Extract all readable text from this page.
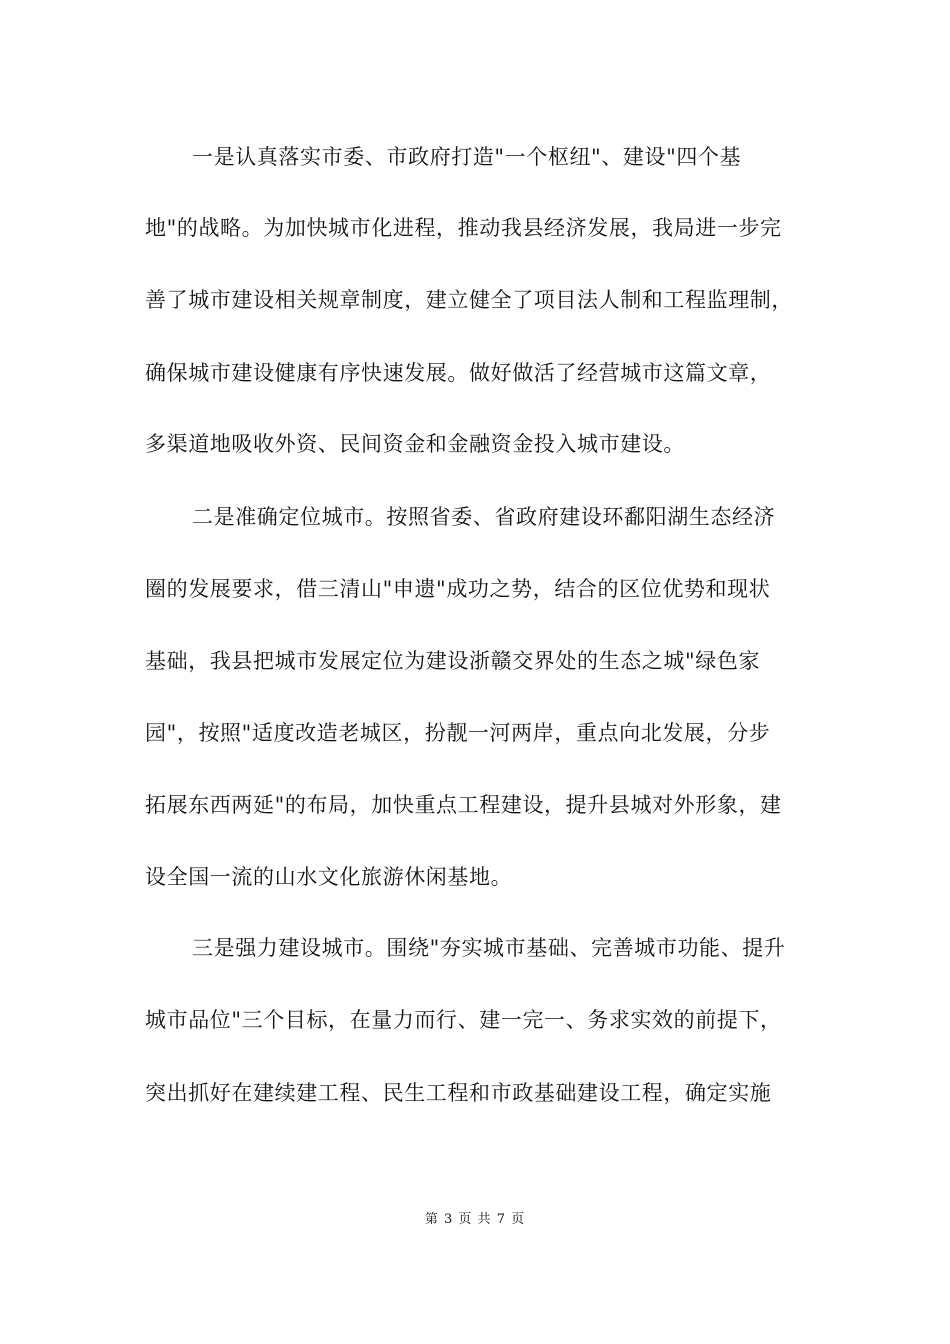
一是认真落实市委、市政府打造"一个枢纽"、建设"四个基
地"的战略。为加快城市化进程，推动我县经济发展，我局进一步完
善了城市建设相关规章制度，建立健全了项目法人制和工程监理制，
确保城市建设健康有序快速发展。做好做活了经营城市这篇文章，
多渠道地吸收外资、民间资金和金融资金投入城市建设。
二是准确定位城市。按照省委、省政府建设环鄱阳湖生态经济
圈的发展要求，借三清山"申遗"成功之势，结合的区位优势和现状
基础，我县把城市发展定位为建设浙赣交界处的生态之城"绿色家
园"，按照"适度改造老城区，扮靓一河两岸，重点向北发展，分步
拓展东西两延"的布局，加快重点工程建设，提升县城对外形象，建
设全国一流的山水文化旅游休闲基地。
三是强力建设城市。围绕"夯实城市基础、完善城市功能、提升
城市品位"三个目标，在量力而行、建一完一、务求实效的前提下，
突出抓好在建续建工程、民生工程和市政基础建设工程，确定实施
第 3 页 共 7 页
